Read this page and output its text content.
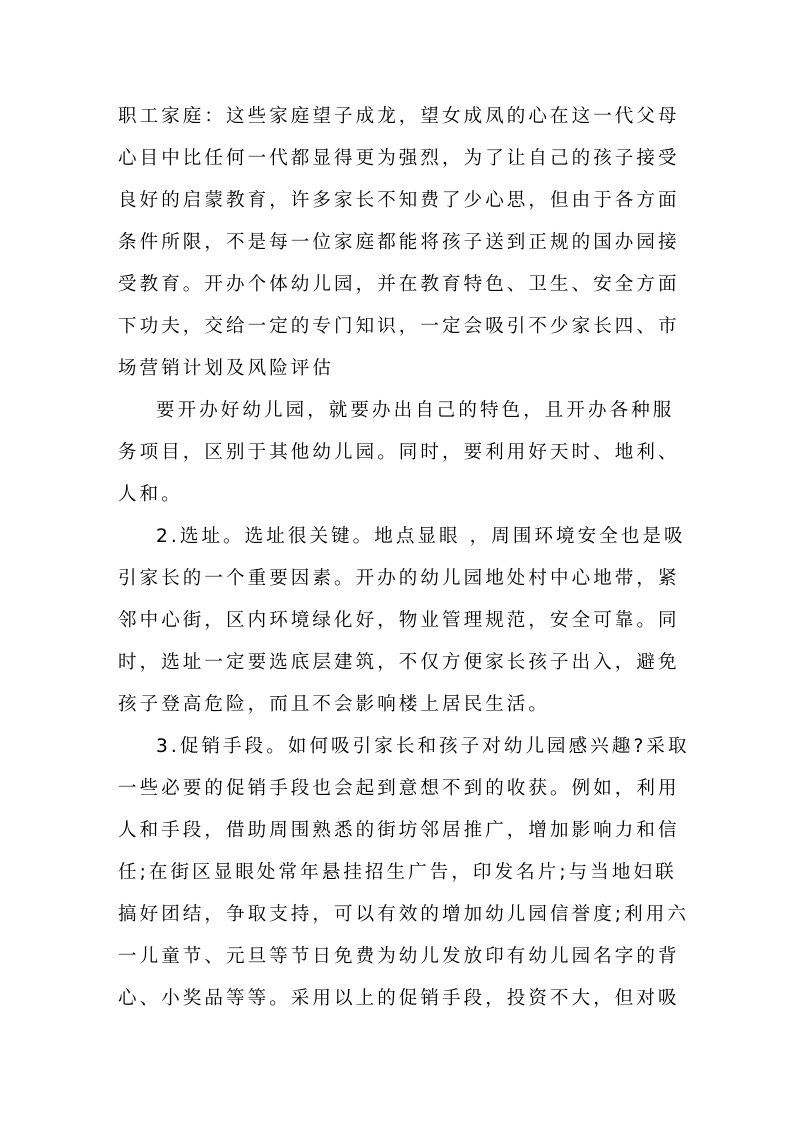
职工家庭：这些家庭望子成龙，望女成凤的心在这一代父母
心目中比任何一代都显得更为强烈，为了让自己的孩子接受
良好的启蒙教育，许多家长不知费了少心思，但由于各方面
条件所限，不是每一位家庭都能将孩子送到正规的国办园接
受教育。开办个体幼儿园，并在教育特色、卫生、安全方面
下功夫，交给一定的专门知识，一定会吸引不少家长四、市
场营销计划及风险评估
要开办好幼儿园，就要办出自己的特色，且开办各种服
务项目，区别于其他幼儿园。同时，要利用好天时、地利、
人和。
2.选址。选址很关键。地点显眼 ，周围环境安全也是吸
引家长的一个重要因素。开办的幼儿园地处村中心地带，紧
邻中心街，区内环境绿化好，物业管理规范，安全可靠。同
时，选址一定要选底层建筑，不仅方便家长孩子出入，避免
孩子登高危险，而且不会影响楼上居民生活。
3.促销手段。如何吸引家长和孩子对幼儿园感兴趣?采取
一些必要的促销手段也会起到意想不到的收获。例如，利用
人和手段，借助周围熟悉的街坊邻居推广，增加影响力和信
任;在街区显眼处常年悬挂招生广告，印发名片;与当地妇联
搞好团结，争取支持，可以有效的增加幼儿园信誉度;利用六
一儿童节、元旦等节日免费为幼儿发放印有幼儿园名字的背
心、小奖品等等。采用以上的促销手段，投资不大，但对吸
